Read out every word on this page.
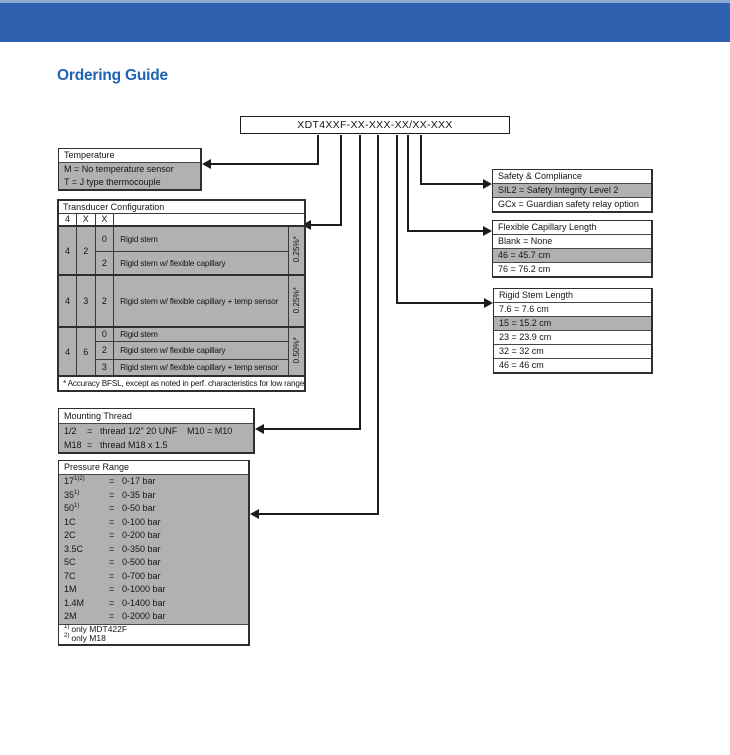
Ordering Guide
XDT4XXF-XX-XXX-XX/XX-XXX
Temperature
M = No temperature sensor
T = J type thermocouple
Transducer Configuration				
4	X	X		
4	2	0	Rigid stem	0.25%*
		2	Rigid stem w/ flexible capillary	
4	3	2	Rigid stem w/ flexible capillary + temp sensor	0.25%*
4	6	0	Rigid stem	0.50%*
		2	Rigid stem w/ flexible capillary	
		3	Rigid stem w/ flexible capillary + temp sensor	
* Accuracy BFSL, except as noted in perf. characteristics for low range				
Mounting Thread
1/2 = thread 1/2" 20 UNF M10 = M10
M18 = thread M18 x 1.5
Pressure Range
$17^{1)2)}$	= 0-17 bar
$35^{1)}$	= 0-35 bar
$50^{1)}$	= 0-50 bar
1C	= 0-100 bar
2C	= 0-200 bar
3.5C	= 0-350 bar
5C	= 0-500 bar
7C	= 0-700 bar
1M	= 0-1000 bar
1.4M	= 0-1400 bar
2M	= 0-2000 bar
$^{1)}$ only MDT422F
$^{2)}$ only M18
Safety & Compliance
SIL2 = Safety Integrity Level 2
GCx = Guardian safety relay option
Flexible Capillary Length
Blank = None
46 = 45.7 cm
76 = 76.2 cm
Rigid Stem Length
7.6 = 7.6 cm
15 = 15.2 cm
23 = 23.9 cm
32 = 32 cm
46 = 46 cm
